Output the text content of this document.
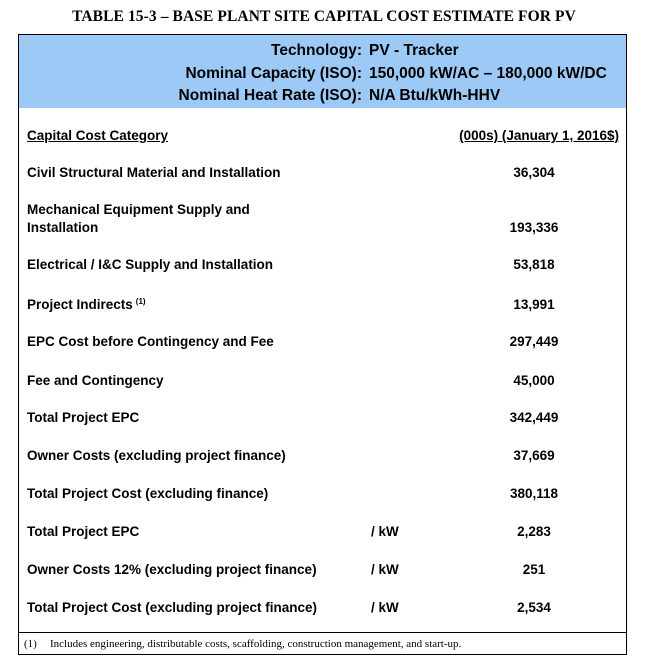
TABLE 15-3 – BASE PLANT SITE CAPITAL COST ESTIMATE FOR PV
Technology: PV - Tracker
Nominal Capacity (ISO): 150,000 kW/AC – 180,000 kW/DC
Nominal Heat Rate (ISO): N/A Btu/kWh-HHV
Capital Cost Category	(000s) (January 1, 2016$)
Civil Structural Material and Installation	36,304
Mechanical Equipment Supply and
Installation	193,336
Electrical / I&C Supply and Installation	53,818
Project Indirects $^{(1)}$	13,991
EPC Cost before Contingency and Fee	297,449
Fee and Contingency	45,000
Total Project EPC	342,449
Owner Costs (excluding project finance)	37,669
Total Project Cost (excluding finance)	380,118
Total Project EPC	/ kW	2,283
Owner Costs 12% (excluding project finance)	/ kW	251
Total Project Cost (excluding project finance)	/ kW	2,534
(1) Includes engineering, distributable costs, scaffolding, construction management, and start-up.
